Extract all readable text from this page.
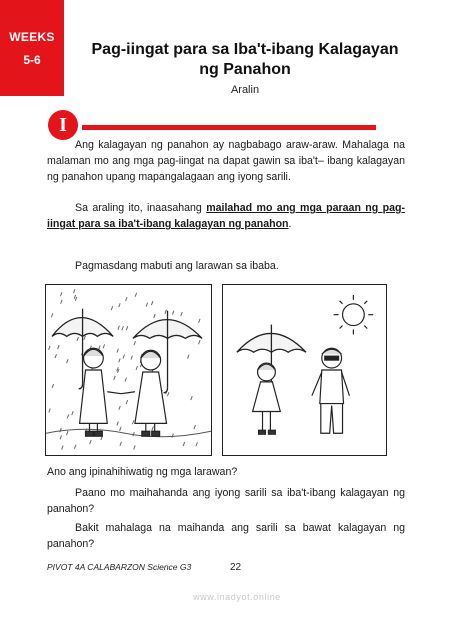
WEEKS
5-6
Pag-iingat para sa Iba't-ibang Kalagayan
ng Panahon
Aralin
I

Ang kalagayan ng panahon ay nagbabago araw-araw. Mahalaga na malaman mo ang mga pag-iingat na dapat gawin sa iba't– ibang kalagayan ng panahon upang mapangalagaan ang iyong sarili.

Sa araling ito, inaasahang mailahad mo ang mga paraan ng pag-iingat para sa iba't-ibang kalagayan ng panahon.

Pagmasdang mabuti ang larawan sa ibaba.

Ano ang ipinahihiwatig ng mga larawan?

Paano mo maihahanda ang iyong sarili sa iba't-ibang kalagayan ng panahon?

Bakit mahalaga na maihanda ang sarili sa bawat kalagayan ng panahon?

PIVOT 4A CALABARZON Science G3	22
www.inadyot.online
